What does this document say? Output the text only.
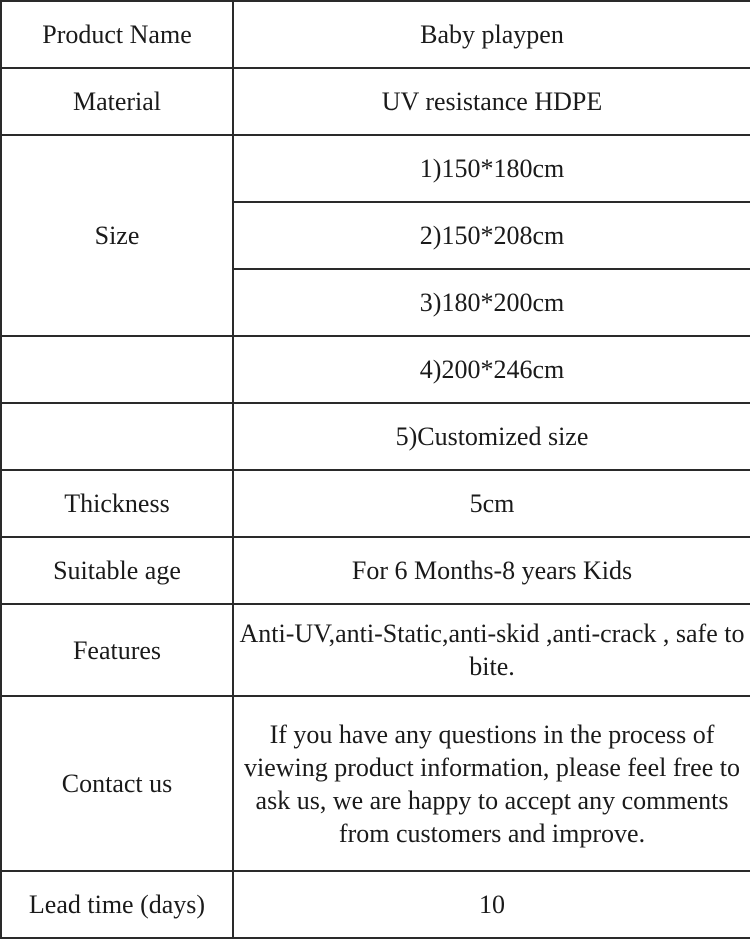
Product Name	Baby playpen
Material	UV resistance HDPE
Size	1)150*180cm
	2)150*208cm
	3)180*200cm
	4)200*246cm
	5)Customized size
Thickness	5cm
Suitable age	For 6 Months-8 years Kids
Features	Anti-UV,anti-Static,anti-skid ,anti-crack , safe to bite.
Contact us	If you have any questions in the process of viewing product information, please feel free to ask us, we are happy to accept any comments from customers and improve.
Lead time (days)	10
